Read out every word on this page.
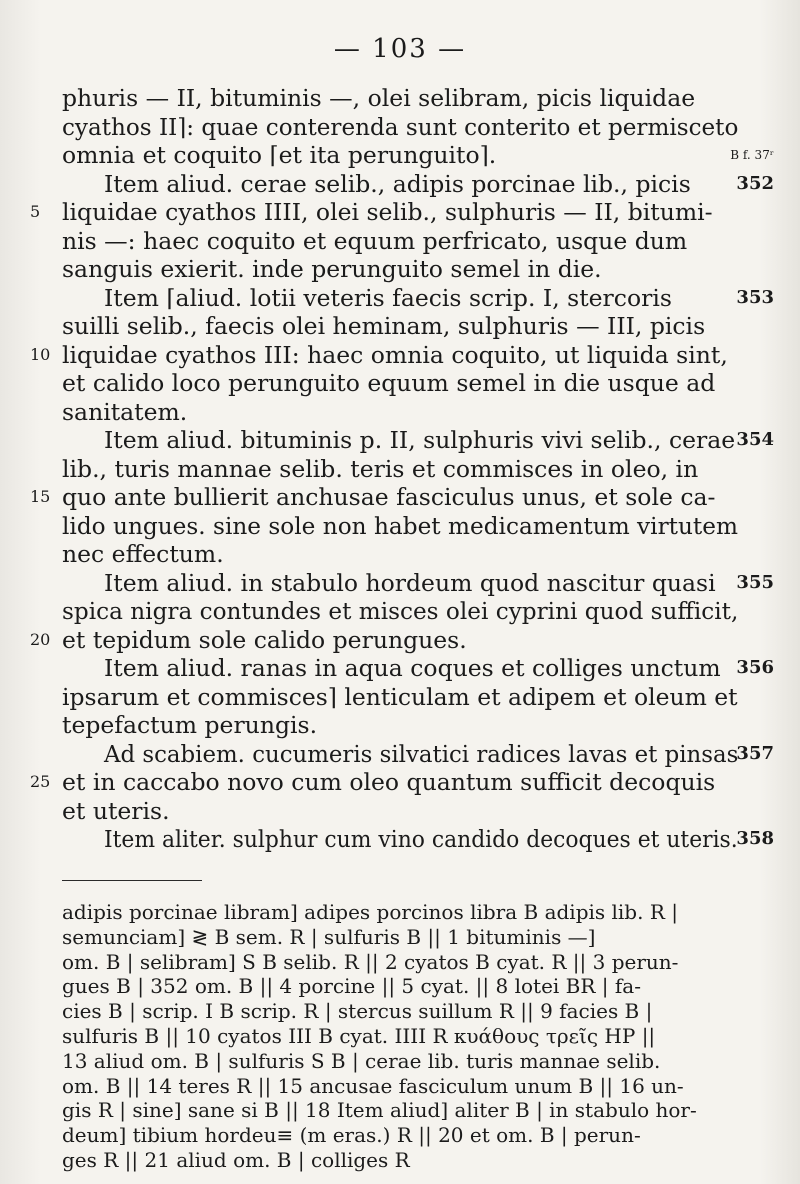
— 103 —
phuris — II, bituminis —, olei selibram, picis liquidae
cyathos II⌉: quae conterenda sunt conterito et permisceto
omnia et coquito ⌈et ita perunguito⌉.	B f. 37ʳ
Item aliud. cerae selib., adipis porcinae lib., picis	352
liquidae cyathos IIII, olei selib., sulphuris — II, bitumi-
5
nis —: haec coquito et equum perfricato, usque dum
sanguis exierit. inde perunguito semel in die.
Item ⌈aliud. lotii veteris faecis scrip. I, stercoris	353
suilli selib., faecis olei heminam, sulphuris — III, picis
liquidae cyathos III: haec omnia coquito, ut liquida sint,
10
et calido loco perunguito equum semel in die usque ad
sanitatem.
Item aliud. bituminis p. II, sulphuris vivi selib., cerae 354
lib., turis mannae selib. teris et commisces in oleo, in
quo ante bullierit anchusae fasciculus unus, et sole ca-
15
lido ungues. sine sole non habet medicamentum virtutem
nec effectum.
Item aliud. in stabulo hordeum quod nascitur quasi 355
spica nigra contundes et misces olei cyprini quod sufficit,
et tepidum sole calido perungues.
20
Item aliud. ranas in aqua coques et colliges unctum 356
ipsarum et commisces⌉ lenticulam et adipem et oleum et
tepefactum perungis.
Ad scabiem. cucumeris silvatici radices lavas et pinsas
357
et in caccabo novo cum oleo quantum sufficit decoquis
25
et uteris.
Item aliter. sulphur cum vino candido decoques et uteris.
358
adipis porcinae libram] adipes porcinos libra B adipis lib. R |
semunciam] ≷ B sem. R | sulfuris B || 1 bituminis —]
om. B | selibram] S B selib. R || 2 cyatos B cyat. R || 3 perun-
gues B | 352 om. B || 4 porcine || 5 cyat. || 8 lotei BR | fa-
cies B | scrip. I B scrip. R | stercus suillum R || 9 facies B |
sulfuris B || 10 cyatos III B cyat. IIII R κυάθους τρεῖς HP ||
13 aliud om. B | sulfuris S B | cerae lib. turis mannae selib.
om. B || 14 teres R || 15 ancusae fasciculum unum B || 16 un-
gis R | sine] sane si B || 18 Item aliud] aliter B | in stabulo hor-
deum] tibium hordeu≡ (m eras.) R || 20 et om. B | perun-
ges R || 21 aliud om. B | colliges R
